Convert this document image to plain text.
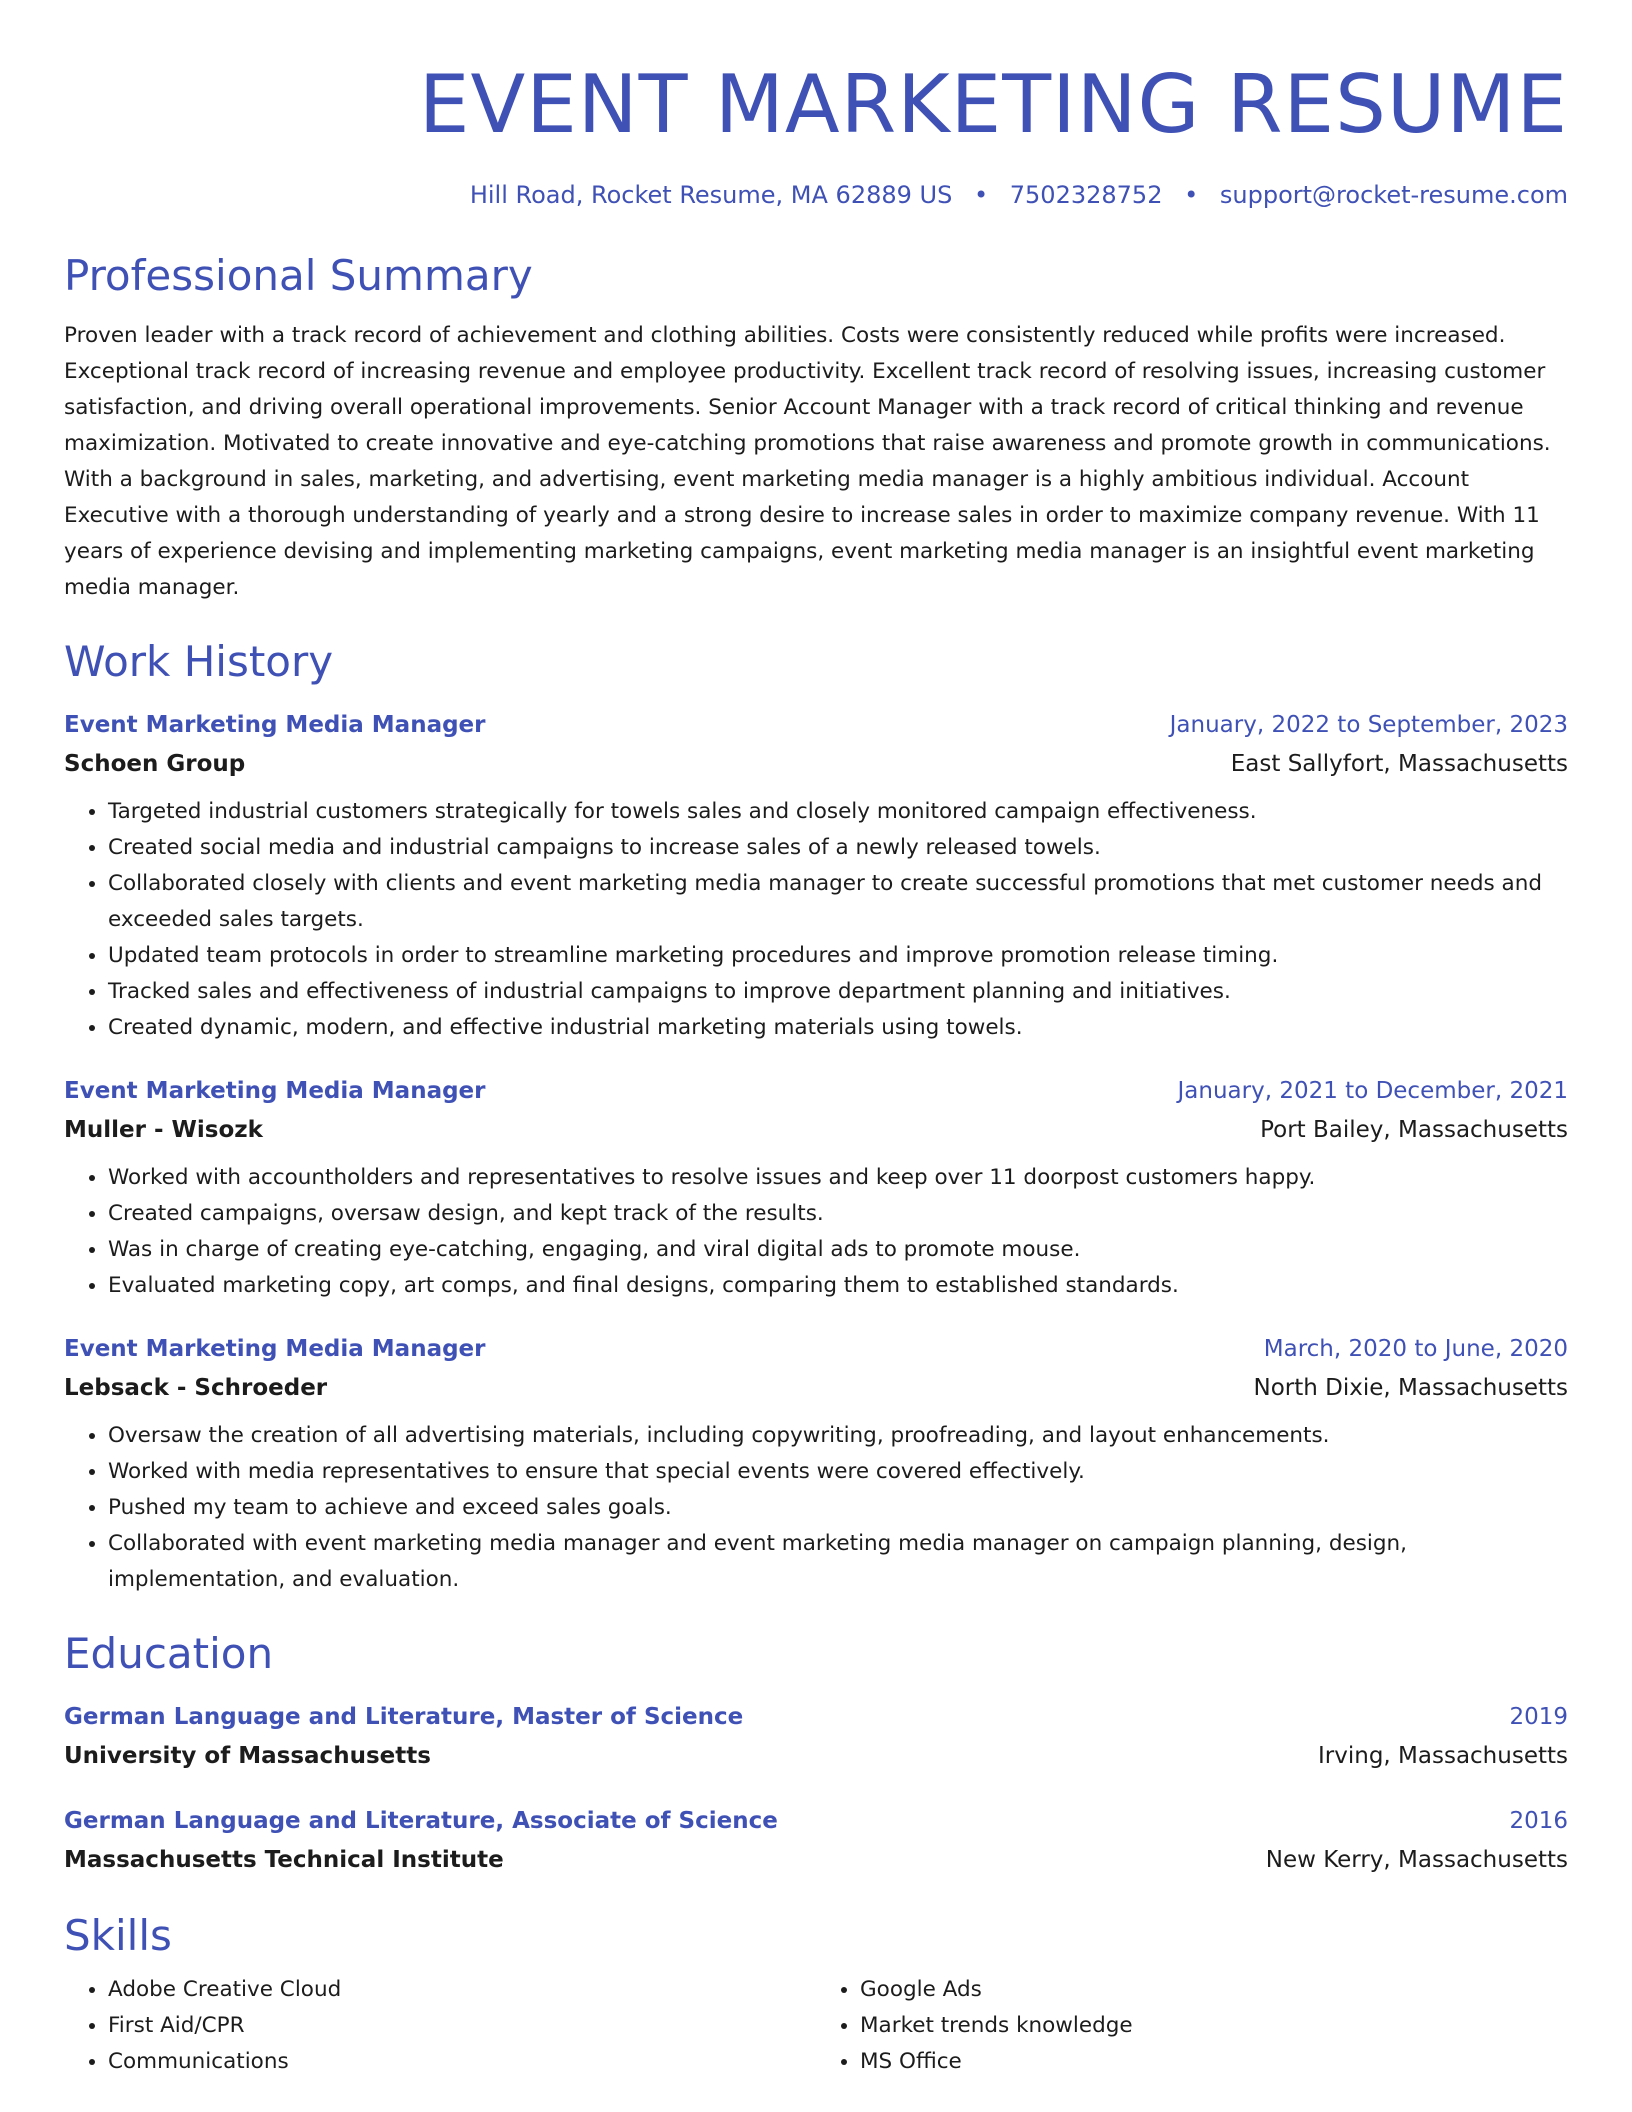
EVENT MARKETING RESUME
Hill Road, Rocket Resume, MA 62889 US • 7502328752 • support@rocket-resume.com
Professional Summary
Proven leader with a track record of achievement and clothing abilities. Costs were consistently reduced while profits were increased. Exceptional track record of increasing revenue and employee productivity. Excellent track record of resolving issues, increasing customer satisfaction, and driving overall operational improvements. Senior Account Manager with a track record of critical thinking and revenue maximization. Motivated to create innovative and eye-catching promotions that raise awareness and promote growth in communications. With a background in sales, marketing, and advertising, event marketing media manager is a highly ambitious individual. Account Executive with a thorough understanding of yearly and a strong desire to increase sales in order to maximize company revenue. With 11 years of experience devising and implementing marketing campaigns, event marketing media manager is an insightful event marketing media manager.
Work History
Event Marketing Media Manager	January, 2022 to September, 2023
Schoen Group	East Sallyfort, Massachusetts
• Targeted industrial customers strategically for towels sales and closely monitored campaign effectiveness.
• Created social media and industrial campaigns to increase sales of a newly released towels.
• Collaborated closely with clients and event marketing media manager to create successful promotions that met customer needs and exceeded sales targets.
• Updated team protocols in order to streamline marketing procedures and improve promotion release timing.
• Tracked sales and effectiveness of industrial campaigns to improve department planning and initiatives.
• Created dynamic, modern, and effective industrial marketing materials using towels.
Event Marketing Media Manager	January, 2021 to December, 2021
Muller - Wisozk	Port Bailey, Massachusetts
• Worked with accountholders and representatives to resolve issues and keep over 11 doorpost customers happy.
• Created campaigns, oversaw design, and kept track of the results.
• Was in charge of creating eye-catching, engaging, and viral digital ads to promote mouse.
• Evaluated marketing copy, art comps, and final designs, comparing them to established standards.
Event Marketing Media Manager	March, 2020 to June, 2020
Lebsack - Schroeder	North Dixie, Massachusetts
• Oversaw the creation of all advertising materials, including copywriting, proofreading, and layout enhancements.
• Worked with media representatives to ensure that special events were covered effectively.
• Pushed my team to achieve and exceed sales goals.
• Collaborated with event marketing media manager and event marketing media manager on campaign planning, design, implementation, and evaluation.
Education
German Language and Literature, Master of Science	2019
University of Massachusetts	Irving, Massachusetts
German Language and Literature, Associate of Science	2016
Massachusetts Technical Institute	New Kerry, Massachusetts
Skills
• Adobe Creative Cloud
• First Aid/CPR
• Communications
• Google Ads
• Market trends knowledge
• MS Office
